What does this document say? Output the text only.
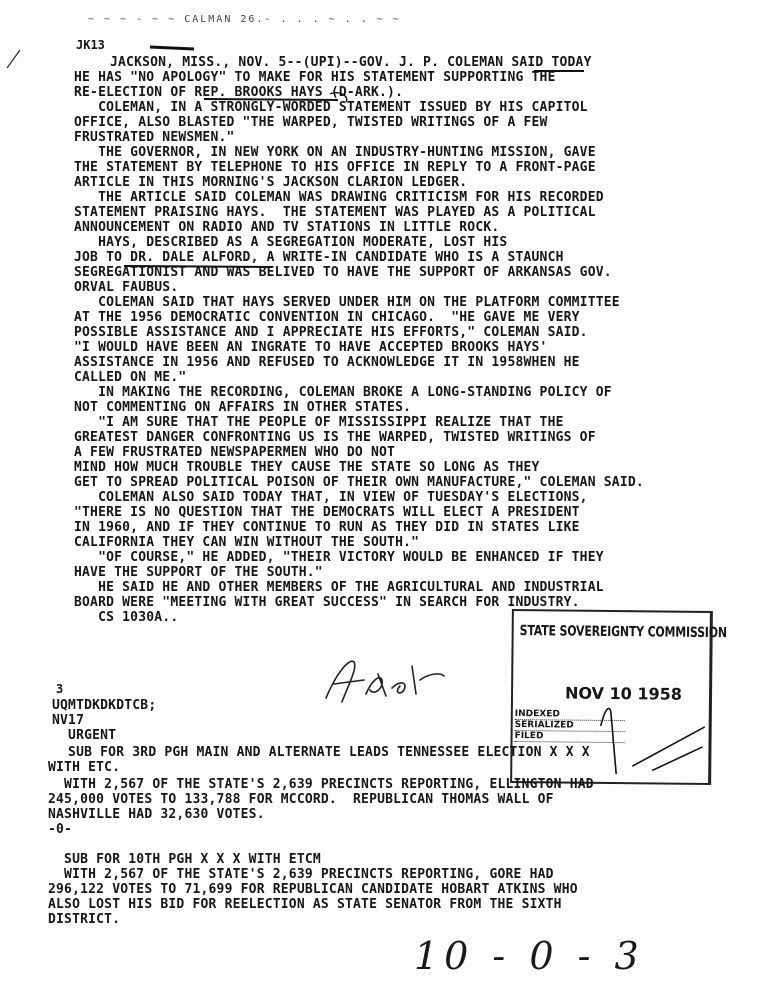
~ ~ ~ - ~ ~ CALMAN 26.- . . . ~ . . ~ ~
JK13
JACKSON, MISS., NOV. 5--(UPI)--GOV. J. P. COLEMAN SAID TODAY
HE HAS "NO APOLOGY" TO MAKE FOR HIS STATEMENT SUPPORTING THE
RE-ELECTION OF REP. BROOKS HAYS (D-ARK.).
COLEMAN, IN A STRONGLY-WORDED STATEMENT ISSUED BY HIS CAPITOL
OFFICE, ALSO BLASTED "THE WARPED, TWISTED WRITINGS OF A FEW
FRUSTRATED NEWSMEN."
THE GOVERNOR, IN NEW YORK ON AN INDUSTRY-HUNTING MISSION, GAVE
THE STATEMENT BY TELEPHONE TO HIS OFFICE IN REPLY TO A FRONT-PAGE
ARTICLE IN THIS MORNING'S JACKSON CLARION LEDGER.
THE ARTICLE SAID COLEMAN WAS DRAWING CRITICISM FOR HIS RECORDED
STATEMENT PRAISING HAYS.  THE STATEMENT WAS PLAYED AS A POLITICAL
ANNOUNCEMENT ON RADIO AND TV STATIONS IN LITTLE ROCK.
HAYS, DESCRIBED AS A SEGREGATION MODERATE, LOST HIS
JOB TO DR. DALE ALFORD, A WRITE-IN CANDIDATE WHO IS A STAUNCH
SEGREGATIONIST AND WAS BELIVED TO HAVE THE SUPPORT OF ARKANSAS GOV.
ORVAL FAUBUS.
COLEMAN SAID THAT HAYS SERVED UNDER HIM ON THE PLATFORM COMMITTEE
AT THE 1956 DEMOCRATIC CONVENTION IN CHICAGO.  "HE GAVE ME VERY
POSSIBLE ASSISTANCE AND I APPRECIATE HIS EFFORTS," COLEMAN SAID.
"I WOULD HAVE BEEN AN INGRATE TO HAVE ACCEPTED BROOKS HAYS'
ASSISTANCE IN 1956 AND REFUSED TO ACKNOWLEDGE IT IN 1958WHEN HE
CALLED ON ME."
IN MAKING THE RECORDING, COLEMAN BROKE A LONG-STANDING POLICY OF
NOT COMMENTING ON AFFAIRS IN OTHER STATES.
"I AM SURE THAT THE PEOPLE OF MISSISSIPPI REALIZE THAT THE
GREATEST DANGER CONFRONTING US IS THE WARPED, TWISTED WRITINGS OF
A FEW FRUSTRATED NEWSPAPERMEN WHO DO NOT
MIND HOW MUCH TROUBLE THEY CAUSE THE STATE SO LONG AS THEY
GET TO SPREAD POLITICAL POISON OF THEIR OWN MANUFACTURE," COLEMAN SAID.
COLEMAN ALSO SAID TODAY THAT, IN VIEW OF TUESDAY'S ELECTIONS,
"THERE IS NO QUESTION THAT THE DEMOCRATS WILL ELECT A PRESIDENT
IN 1960, AND IF THEY CONTINUE TO RUN AS THEY DID IN STATES LIKE
CALIFORNIA THEY CAN WIN WITHOUT THE SOUTH."
"OF COURSE," HE ADDED, "THEIR VICTORY WOULD BE ENHANCED IF THEY
HAVE THE SUPPORT OF THE SOUTH."
HE SAID HE AND OTHER MEMBERS OF THE AGRICULTURAL AND INDUSTRIAL
BOARD WERE "MEETING WITH GREAT SUCCESS" IN SEARCH FOR INDUSTRY.
CS 1030A..
STATE SOVEREIGNTY COMMISSION
NOV 10 1958
INDEXED
SERIALIZED
FILED
3
UQMTDKDKDTCB;
NV17
URGENT
SUB FOR 3RD PGH MAIN AND ALTERNATE LEADS TENNESSEE ELECTION X X X
WITH ETC.
WITH 2,567 OF THE STATE'S 2,639 PRECINCTS REPORTING, ELLINGTON HAD
245,000 VOTES TO 133,788 FOR MCCORD.  REPUBLICAN THOMAS WALL OF
NASHVILLE HAD 32,630 VOTES.
-0-
SUB FOR 10TH PGH X X X WITH ETCM
WITH 2,567 OF THE STATE'S 2,639 PRECINCTS REPORTING, GORE HAD
296,122 VOTES TO 71,699 FOR REPUBLICAN CANDIDATE HOBART ATKINS WHO
ALSO LOST HIS BID FOR REELECTION AS STATE SENATOR FROM THE SIXTH
DISTRICT.
10 - 0 - 3
